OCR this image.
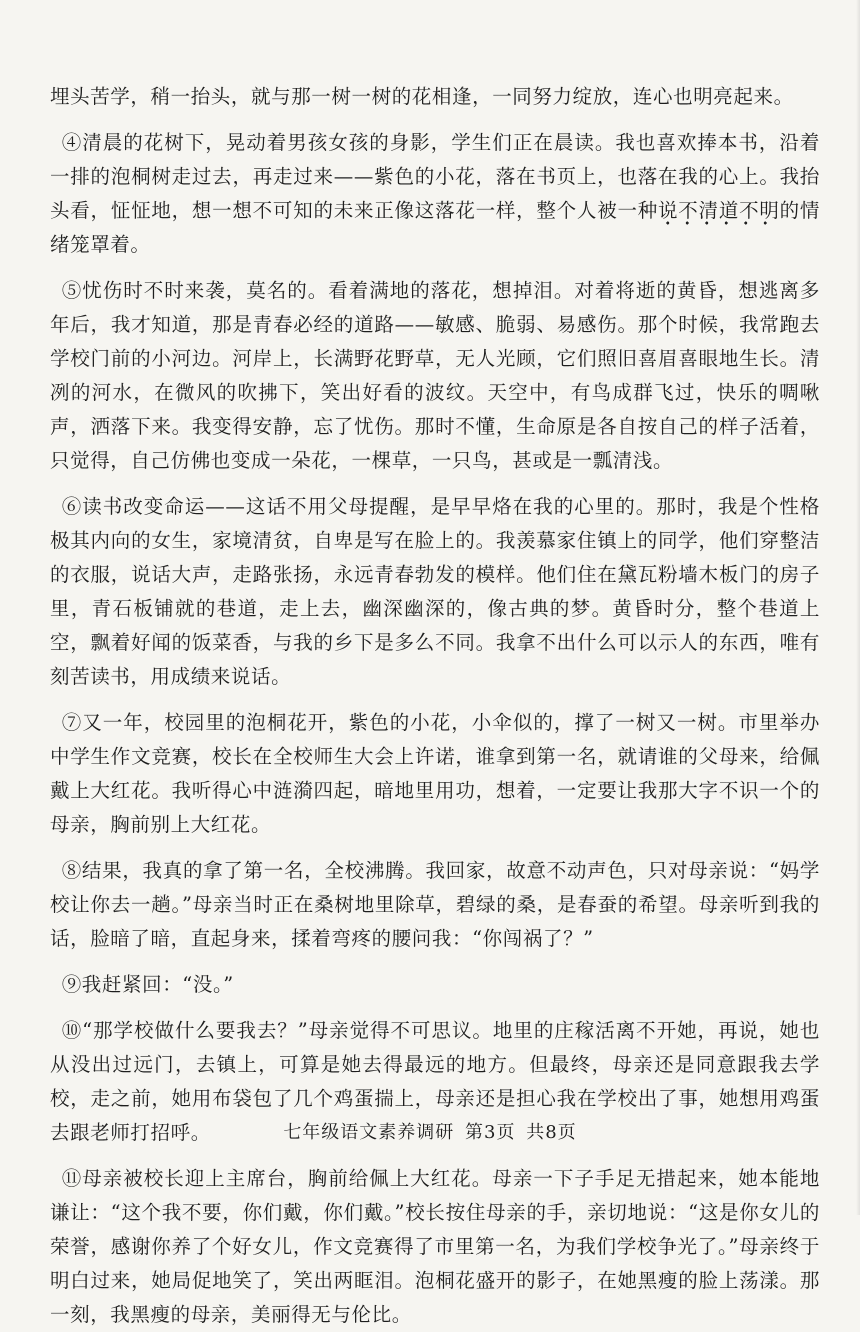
埋头苦学，稍一抬头，就与那一树一树的花相逢，一同努力绽放，连心也明亮起来。

④清晨的花树下，晃动着男孩女孩的身影，学生们正在晨读。我也喜欢捧本书，沿着一排的泡桐树走过去，再走过来——紫色的小花，落在书页上，也落在我的心上。我抬头看，怔怔地，想一想不可知的未来正像这落花一样，整个人被一种说不清道不明的情绪笼罩着。

⑤忧伤时不时来袭，莫名的。看着满地的落花，想掉泪。对着将逝的黄昏，想逃离多年后，我才知道，那是青春必经的道路——敏感、脆弱、易感伤。那个时候，我常跑去学校门前的小河边。河岸上，长满野花野草，无人光顾，它们照旧喜眉喜眼地生长。清冽的河水，在微风的吹拂下，笑出好看的波纹。天空中，有鸟成群飞过，快乐的啁啾声，洒落下来。我变得安静，忘了忧伤。那时不懂，生命原是各自按自己的样子活着，只觉得，自己仿佛也变成一朵花，一棵草，一只鸟，甚或是一瓢清浅。

⑥读书改变命运——这话不用父母提醒，是早早烙在我的心里的。那时，我是个性格极其内向的女生，家境清贫，自卑是写在脸上的。我羡慕家住镇上的同学，他们穿整洁的衣服，说话大声，走路张扬，永远青春勃发的模样。他们住在黛瓦粉墙木板门的房子里，青石板铺就的巷道，走上去，幽深幽深的，像古典的梦。黄昏时分，整个巷道上空，飘着好闻的饭菜香，与我的乡下是多么不同。我拿不出什么可以示人的东西，唯有刻苦读书，用成绩来说话。

⑦又一年，校园里的泡桐花开，紫色的小花，小伞似的，撑了一树又一树。市里举办中学生作文竞赛，校长在全校师生大会上许诺，谁拿到第一名，就请谁的父母来，给佩戴上大红花。我听得心中涟漪四起，暗地里用功，想着，一定要让我那大字不识一个的母亲，胸前别上大红花。

⑧结果，我真的拿了第一名，全校沸腾。我回家，故意不动声色，只对母亲说：“妈学校让你去一趟。”母亲当时正在桑树地里除草，碧绿的桑，是春蚕的希望。母亲听到我的话，脸暗了暗，直起身来，揉着弯疼的腰问我：“你闯祸了？”

⑨我赶紧回：“没。”

⑩“那学校做什么要我去？”母亲觉得不可思议。地里的庄稼活离不开她，再说，她也从没出过远门，去镇上，可算是她去得最远的地方。但最终，母亲还是同意跟我去学校，走之前，她用布袋包了几个鸡蛋揣上，母亲还是担心我在学校出了事，她想用鸡蛋去跟老师打招呼。

⑪母亲被校长迎上主席台，胸前给佩上大红花。母亲一下子手足无措起来，她本能地谦让：“这个我不要，你们戴，你们戴。”校长按住母亲的手，亲切地说：“这是你女儿的荣誉，感谢你养了个好女儿，作文竞赛得了市里第一名，为我们学校争光了。”母亲终于明白过来，她局促地笑了，笑出两眶泪。泡桐花盛开的影子，在她黑瘦的脸上荡漾。那一刻，我黑瘦的母亲，美丽得无与伦比。

七年级语文素养调研 第3页 共8页
